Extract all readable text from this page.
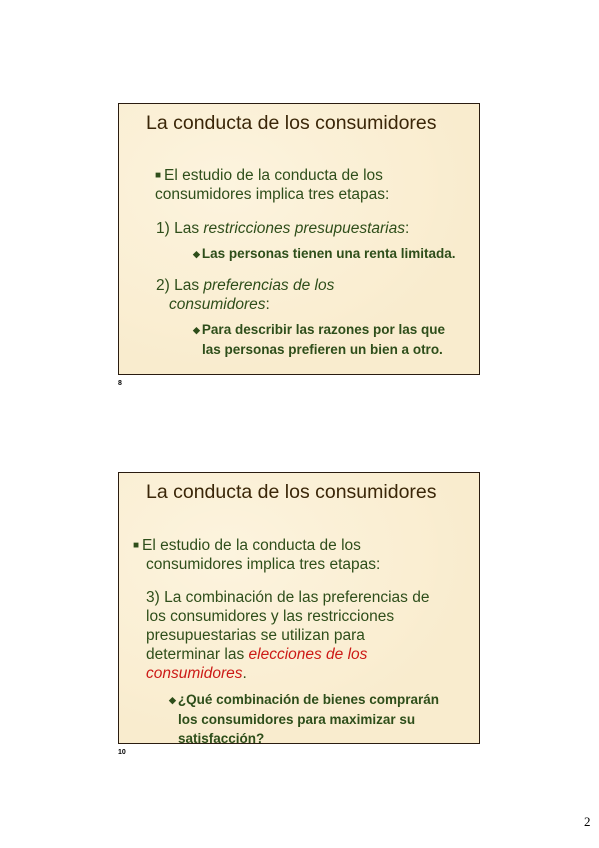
La conducta de los consumidores

■ El estudio de la conducta de los consumidores implica tres etapas:

1) Las restricciones presupuestarias:

◆ Las personas tienen una renta limitada.

2) Las preferencias de los
consumidores:

◆ Para describir las razones por las que
las personas prefieren un bien a otro.

8
La conducta de los consumidores

■ El estudio de la conducta de los
consumidores implica tres etapas:

3) La combinación de las preferencias de
los consumidores y las restricciones
presupuestarias se utilizan para
determinar las elecciones de los
consumidores.

◆ ¿Qué combinación de bienes comprarán
los consumidores para maximizar su
satisfacción?

10
2
